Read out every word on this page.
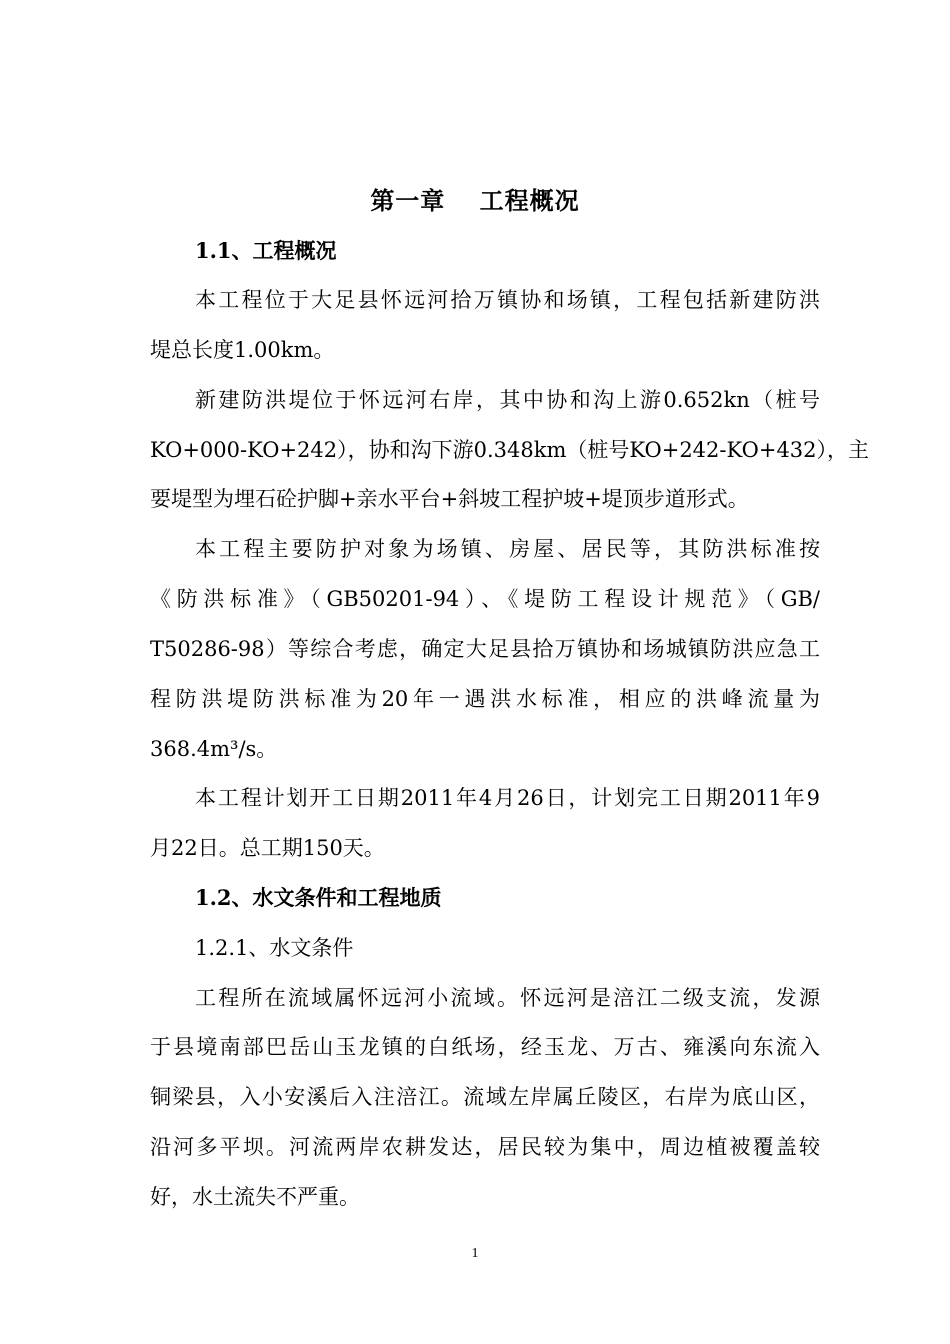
第一章　 工程概况
1.1、工程概况
本工程位于大足县怀远河拾万镇协和场镇，工程包括新建防洪
堤总长度1.00km。
新建防洪堤位于怀远河右岸，其中协和沟上游0.652kn（桩号
KO+000-KO+242），协和沟下游0.348km（桩号KO+242-KO+432），主
要堤型为埋石砼护脚+亲水平台+斜坡工程护坡+堤顶步道形式。
本工程主要防护对象为场镇、房屋、居民等，其防洪标准按
《防洪标准》（GB50201-94）、《堤防工程设计规范》（GB/
T50286-98）等综合考虑，确定大足县拾万镇协和场城镇防洪应急工
程防洪堤防洪标准为20年一遇洪水标准，相应的洪峰流量为
368.4m³/s。
本工程计划开工日期2011年4月26日，计划完工日期2011年9
月22日。总工期150天。
1.2、水文条件和工程地质
1.2.1、水文条件
工程所在流域属怀远河小流域。怀远河是涪江二级支流，发源
于县境南部巴岳山玉龙镇的白纸场，经玉龙、万古、雍溪向东流入
铜梁县，入小安溪后入注涪江。流域左岸属丘陵区，右岸为底山区，
沿河多平坝。河流两岸农耕发达，居民较为集中，周边植被覆盖较
好，水土流失不严重。
1
